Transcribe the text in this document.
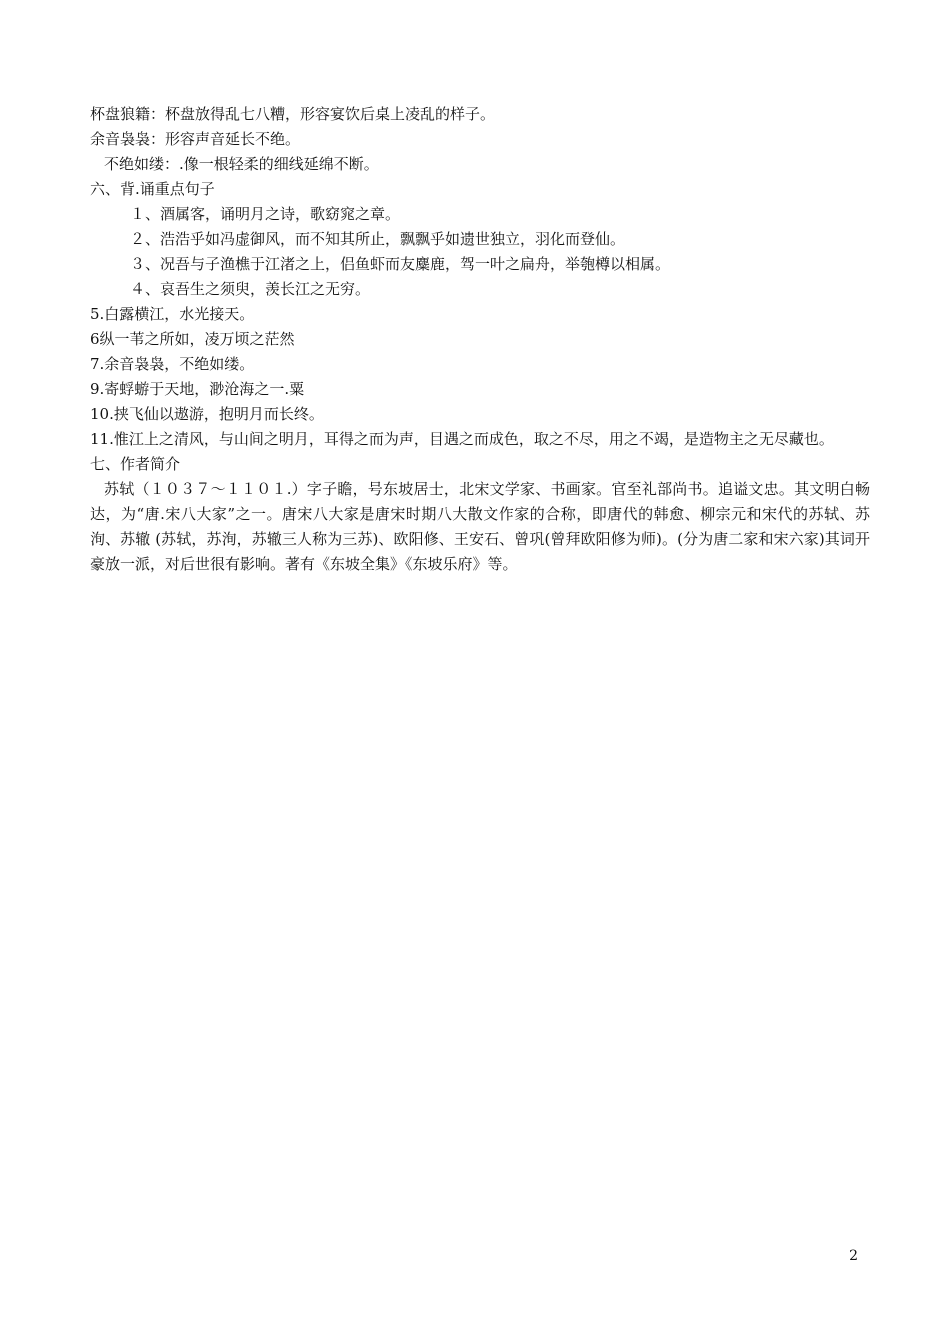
杯盘狼籍：杯盘放得乱七八糟，形容宴饮后桌上凌乱的样子。

余音袅袅：形容声音延长不绝。

不绝如缕：.像一根轻柔的细线延绵不断。

六、背.诵重点句子

１、酒属客，诵明月之诗，歌窈窕之章。

２、浩浩乎如冯虚御风，而不知其所止，飘飘乎如遗世独立，羽化而登仙。

３、况吾与子渔樵于江渚之上，侣鱼虾而友麋鹿，驾一叶之扁舟，举匏樽以相属。

４、哀吾生之须臾，羡长江之无穷。

5.白露横江，水光接天。

6纵一苇之所如，凌万顷之茫然

7.余音袅袅，不绝如缕。

9.寄蜉蝣于天地，渺沧海之一.粟

10.挟飞仙以遨游，抱明月而长终。

11.惟江上之清风，与山间之明月，耳得之而为声，目遇之而成色，取之不尽，用之不竭，是造物主之无尽藏也。

七、作者简介

苏轼（１０３７～１１０１.）字子瞻，号东坡居士，北宋文学家、书画家。官至礼部尚书。追谥文忠。其文明白畅达，为“唐.宋八大家”之一。唐宋八大家是唐宋时期八大散文作家的合称，即唐代的韩愈、柳宗元和宋代的苏轼、苏洵、苏辙 (苏轼，苏洵，苏辙三人称为三苏)、欧阳修、王安石、曾巩(曾拜欧阳修为师)。(分为唐二家和宋六家)其词开豪放一派，对后世很有影响。著有《东坡全集》《东坡乐府》等。

2
